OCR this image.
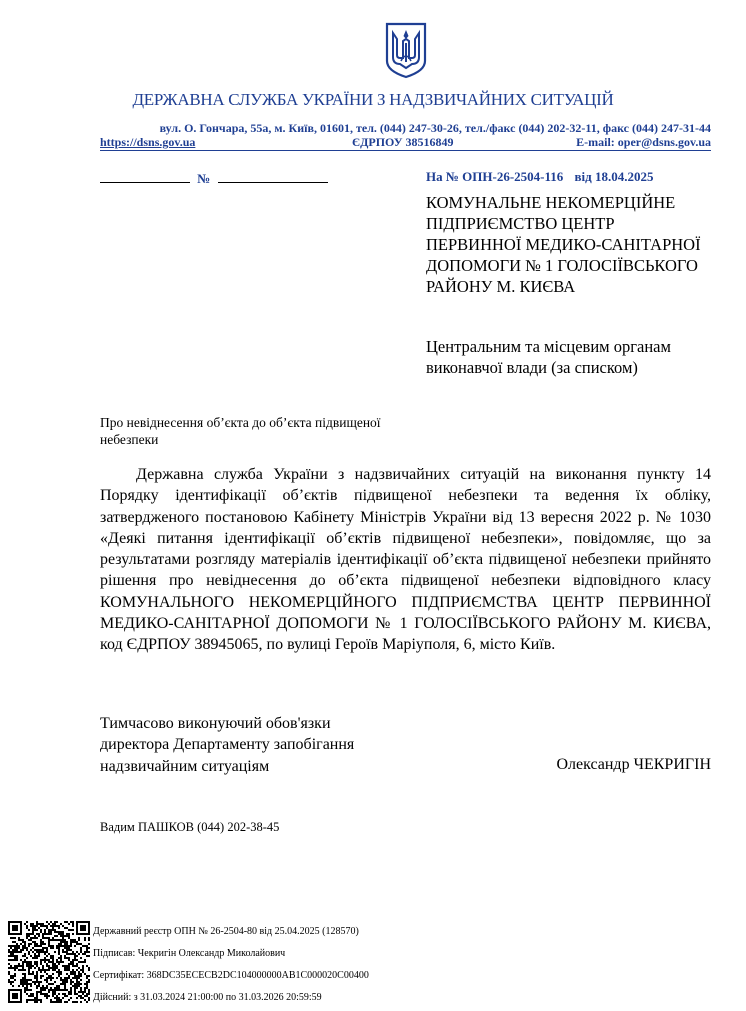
ДЕРЖАВНА СЛУЖБА УКРАЇНИ З НАДЗВИЧАЙНИХ СИТУАЦІЙ
вул. О. Гончара, 55а, м. Київ, 01601, тел. (044) 247-30-26, тел./факс (044) 202-32-11, факс (044) 247-31-44
https://dsns.gov.ua	ЄДРПОУ 38516849	E-mail: oper@dsns.gov.ua
№	На № ОПН-26-2504-116 від 18.04.2025
КОМУНАЛЬНЕ НЕКОМЕРЦІЙНЕ ПІДПРИЄМСТВО ЦЕНТР ПЕРВИННОЇ МЕДИКО-САНІТАРНОЇ ДОПОМОГИ № 1 ГОЛОСІЇВСЬКОГО РАЙОНУ М. КИЄВА
Центральним та місцевим органам виконавчої влади (за списком)
Про невіднесення об’єкта до об’єкта підвищеної небезпеки

Державна служба України з надзвичайних ситуацій на виконання пункту 14 Порядку ідентифікації об’єктів підвищеної небезпеки та ведення їх обліку, затвердженого постановою Кабінету Міністрів України від 13 вересня 2022 р. № 1030 «Деякі питання ідентифікації об’єктів підвищеної небезпеки», повідомляє, що за результатами розгляду матеріалів ідентифікації об’єкта підвищеної небезпеки прийнято рішення про невіднесення до об’єкта підвищеної небезпеки відповідного класу КОМУНАЛЬНОГО НЕКОМЕРЦІЙНОГО ПІДПРИЄМСТВА ЦЕНТР ПЕРВИННОЇ МЕДИКО-САНІТАРНОЇ ДОПОМОГИ № 1 ГОЛОСІЇВСЬКОГО РАЙОНУ М. КИЄВА, код ЄДРПОУ 38945065, по вулиці Героїв Маріуполя, 6, місто Київ.

Тимчасово виконуючий обов'язки
директора Департаменту запобігання
надзвичайним ситуаціям	Олександр ЧЕКРИГІН
Вадим ПАШКОВ (044) 202-38-45
Державний реєстр ОПН № 26-2504-80 від 25.04.2025 (128570)
Підписав: Чекригін Олександр Миколайович
Сертифікат: 368DC35ECECB2DC104000000AB1C000020C00400
Дійсний: з 31.03.2024 21:00:00 по 31.03.2026 20:59:59
